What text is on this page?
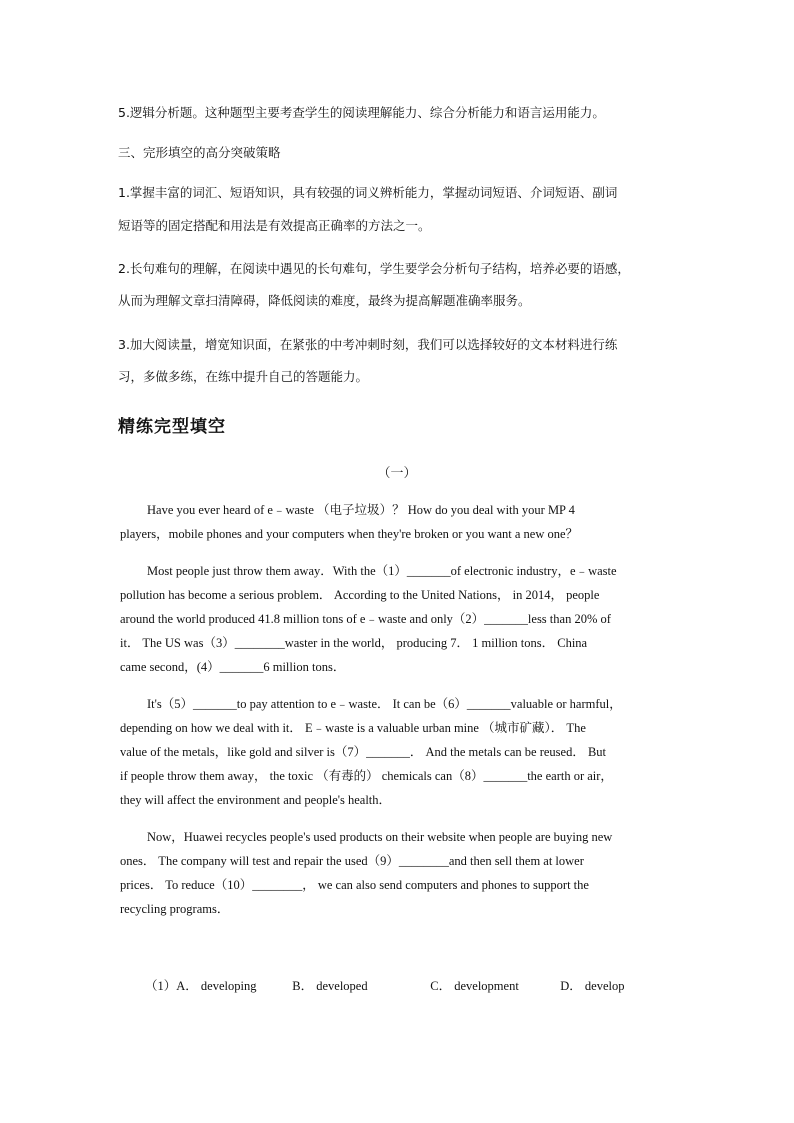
5.逻辑分析题。这种题型主要考查学生的阅读理解能力、综合分析能力和语言运用能力。
三、完形填空的高分突破策略
1.掌握丰富的词汇、短语知识，具有较强的词义辨析能力，掌握动词短语、介词短语、副词
短语等的固定搭配和用法是有效提高正确率的方法之一。
2.长句难句的理解，在阅读中遇见的长句难句，学生要学会分析句子结构，培养必要的语感，
从而为理解文章扫清障碍，降低阅读的难度，最终为提高解题准确率服务。
3.加大阅读量，增宽知识面，在紧张的中考冲刺时刻，我们可以选择较好的文本材料进行练
习，多做多练，在练中提升自己的答题能力。
精练完型填空
（一）
Have you ever heard of e﹣waste （电子垃圾）？ How do you deal with your MP 4
players，mobile phones and your computers when they're broken or you want a new one？
Most people just throw them away．With the（1）_______of electronic industry，e﹣waste
pollution has become a serious problem． According to the United Nations， in 2014， people
around the world produced 41.8 million tons of e﹣waste and only（2）_______less than 20% of
it． The US was（3）________waster in the world， producing 7． 1 million tons． China
came second，(4）_______6 million tons．
It's（5）_______to pay attention to e﹣waste． It can be（6）_______valuable or harmful，
depending on how we deal with it． E﹣waste is a valuable urban mine （城市矿藏）． The
value of the metals，like gold and silver is（7）_______． And the metals can be reused． But
if people throw them away， the toxic （有毒的） chemicals can（8）_______the earth or air，
they will affect the environment and people's health．
Now，Huawei recycles people's used products on their website when people are buying new
ones． The company will test and repair the used（9）________and then sell them at lower
prices． To reduce（10）________， we can also send computers and phones to support the
recycling programs．
（1）A． developing	B． developed	C． development	D． develop
